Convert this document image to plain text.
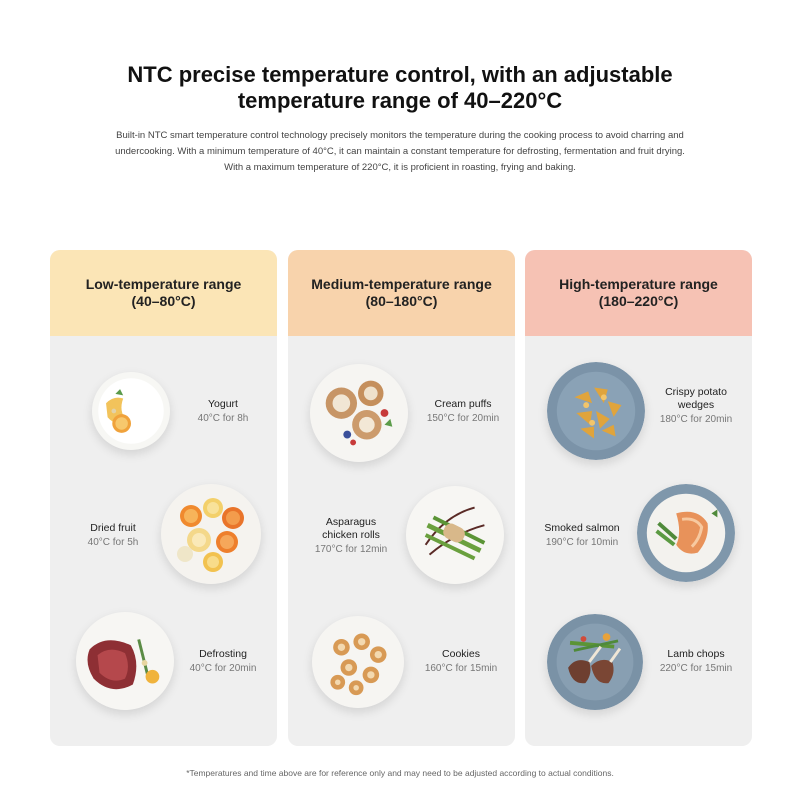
NTC precise temperature control, with an adjustable
temperature range of 40–220°C
Built-in NTC smart temperature control technology precisely monitors the temperature during the cooking process to avoid charring and undercooking. With a minimum temperature of 40°C, it can maintain a constant temperature for defrosting, fermentation and fruit drying. With a maximum temperature of 220°C, it is proficient in roasting, frying and baking.
Low-temperature range
(40–80°C)
Yogurt
40°C for 8h
Dried fruit
40°C for 5h
Defrosting
40°C for 20min
Medium-temperature range
(80–180°C)
Cream puffs
150°C for 20min
Asparagus
chicken rolls
170°C for 12min
Cookies
160°C for 15min
High-temperature range
(180–220°C)
Crispy potato
wedges
180°C for 20min
Smoked salmon
190°C for 10min
Lamb chops
220°C for 15min
*Temperatures and time above are for reference only and may need to be adjusted according to actual conditions.
